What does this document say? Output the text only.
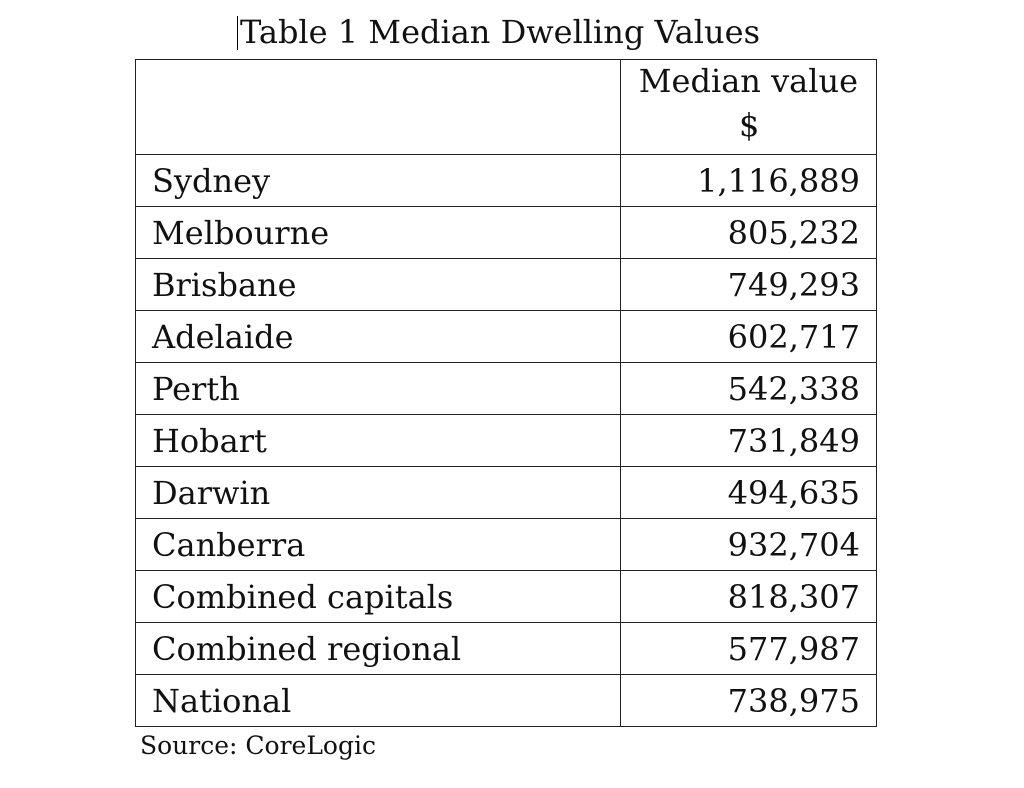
Table 1 Median Dwelling Values

	Median value
$

Sydney	1,116,889
Melbourne	805,232
Brisbane	749,293
Adelaide	602,717
Perth	542,338
Hobart	731,849
Darwin	494,635
Canberra	932,704
Combined capitals	818,307
Combined regional	577,987
National	738,975
Source: CoreLogic
